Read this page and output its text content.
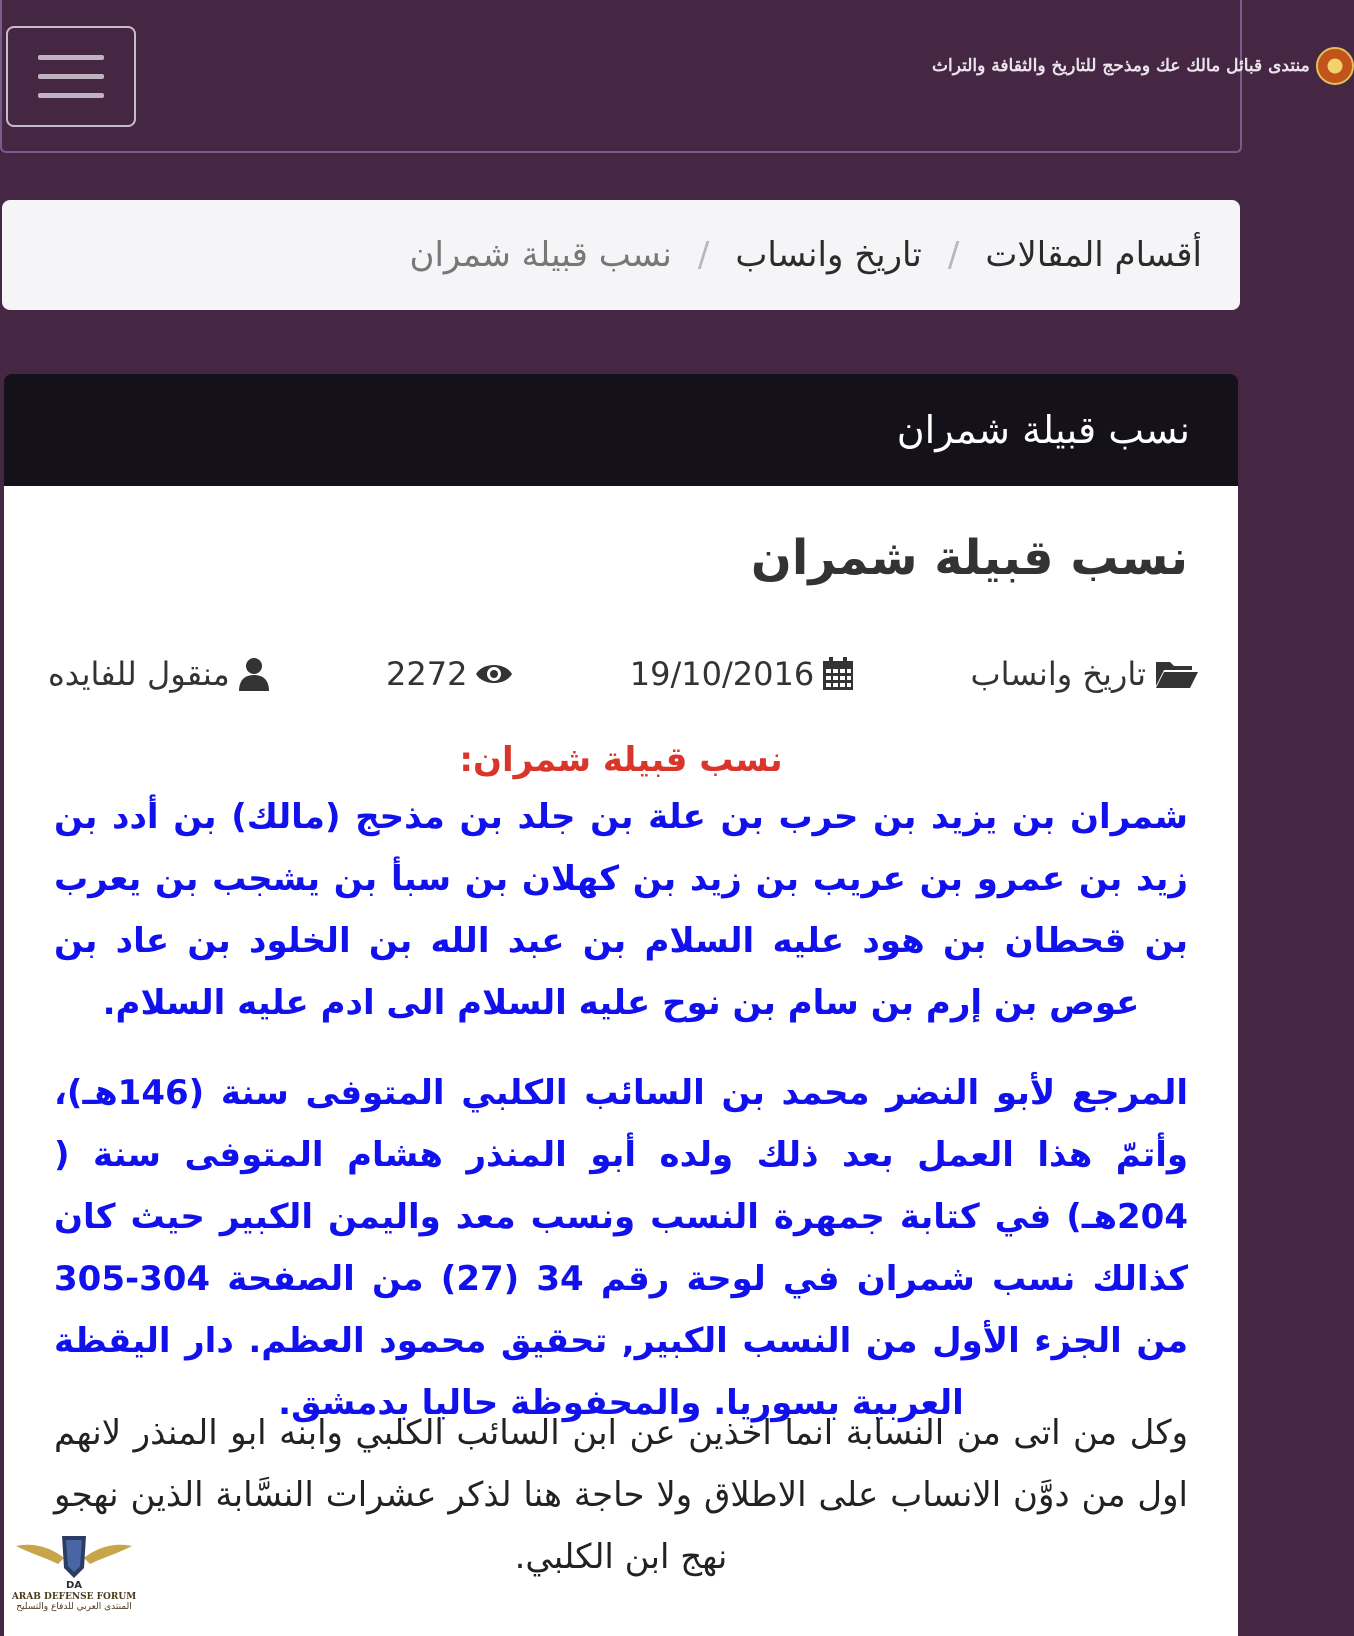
منتدى قبائل مالك عك ومذحج للتاريخ والثقافة والتراث
أقسام المقالات
/
تاريخ وانساب
/
نسب قبيلة شمران
نسب قبيلة شمران
نسب قبيلة شمران
تاريخ وانساب
19/10/2016
2272
منقول للفايده
نسب قبيلة شمران:

شمران بن يزيد بن حرب بن علة بن جلد بن مذحج (مالك) بن أدد بن زيد بن عمرو بن عريب بن زيد بن كهلان بن سبأ بن يشجب بن يعرب بن قحطان بن هود عليه السلام بن عبد الله بن الخلود بن عاد بن عوص بن إرم بن سام بن نوح عليه السلام الى ادم عليه السلام.

المرجع لأبو النضر محمد بن السائب الكلبي المتوفى سنة (146هـ)، وأتمّ هذا العمل بعد ذلك ولده أبو المنذر هشام المتوفى سنة ( 204هـ) في كتابة جمهرة النسب ونسب معد واليمن الكبير حيث كان كذالك نسب شمران في لوحة رقم 34 (27) من الصفحة 304-305 من الجزء الأول من النسب الكبير, تحقيق محمود العظم. دار اليقظة العربية بسوريا. والمحفوظة حاليا بدمشق.

وكل من اتى من النسابة انما اخذين عن ابن السائب الكلبي وابنه ابو المنذر لانهم اول من دوَّن الانساب على الاطلاق ولا حاجة هنا لذكر عشرات النسَّابة الذين نهجو نهج ابن الكلبي.

DA
ARAB DEFENSE FORUM
المنتدى العربي للدفاع والتسليح
